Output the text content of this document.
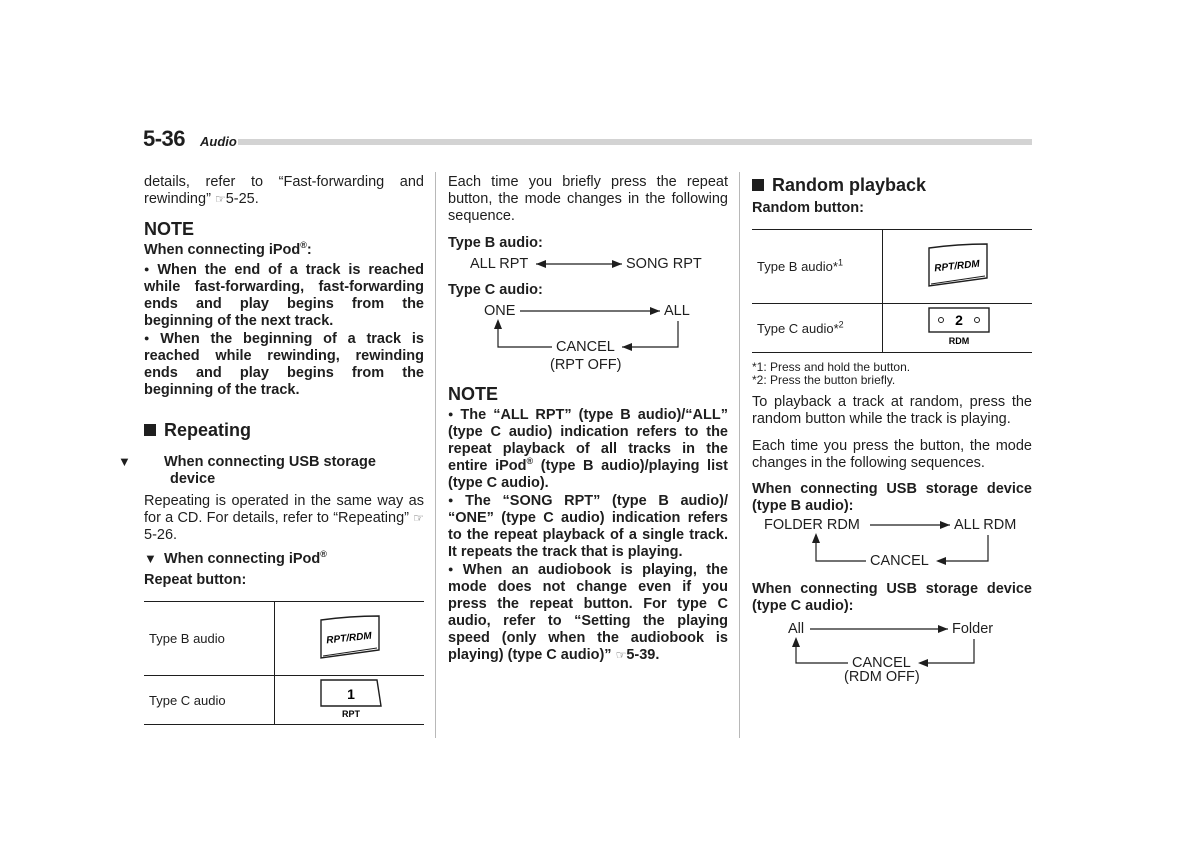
5-36 Audio

details, refer to “Fast-forwarding and rewinding” ☞5-25.

NOTE

When connecting iPod®:

● When the end of a track is reached while fast-forwarding, fast-forwarding ends and play begins from the beginning of the next track.

● When the beginning of a track is reached while rewinding, rewinding ends and play begins from the beginning of the track.

Repeating

▼ When connecting USB storage device

Repeating is operated in the same way as for a CD. For details, refer to “Repeating” ☞5-26.

▼ When connecting iPod®

Repeat button:

Type B audio	RPT/RDM

Type C audio	1
RPT

Each time you briefly press the repeat button, the mode changes in the following sequence.

Type B audio:

ALL RPT	SONG RPT

Type C audio:

ONE	ALL
CANCEL
(RPT OFF)
NOTE

● The “ALL RPT” (type B audio)/“ALL” (type C audio) indication refers to the repeat playback of all tracks in the entire iPod® (type B audio)/playing list (type C audio).

● The “SONG RPT” (type B audio)/ “ONE” (type C audio) indication refers to the repeat playback of a single track. It repeats the track that is playing.

● When an audiobook is playing, the mode does not change even if you press the repeat button. For type C audio, refer to “Setting the playing speed (only when the audiobook is playing) (type C audio)” ☞5-39.

Random playback

Random button:

Type B audio*$^1$	RPT/RDM

Type C audio*$^2$	2
RDM

*1: Press and hold the button.

*2: Press the button briefly.

To playback a track at random, press the random button while the track is playing.

Each time you press the button, the mode changes in the following sequences.

When connecting USB storage device (type B audio):

FOLDER RDM	ALL RDM
CANCEL

When connecting USB storage device (type C audio):

All	Folder
CANCEL
(RDM OFF)
